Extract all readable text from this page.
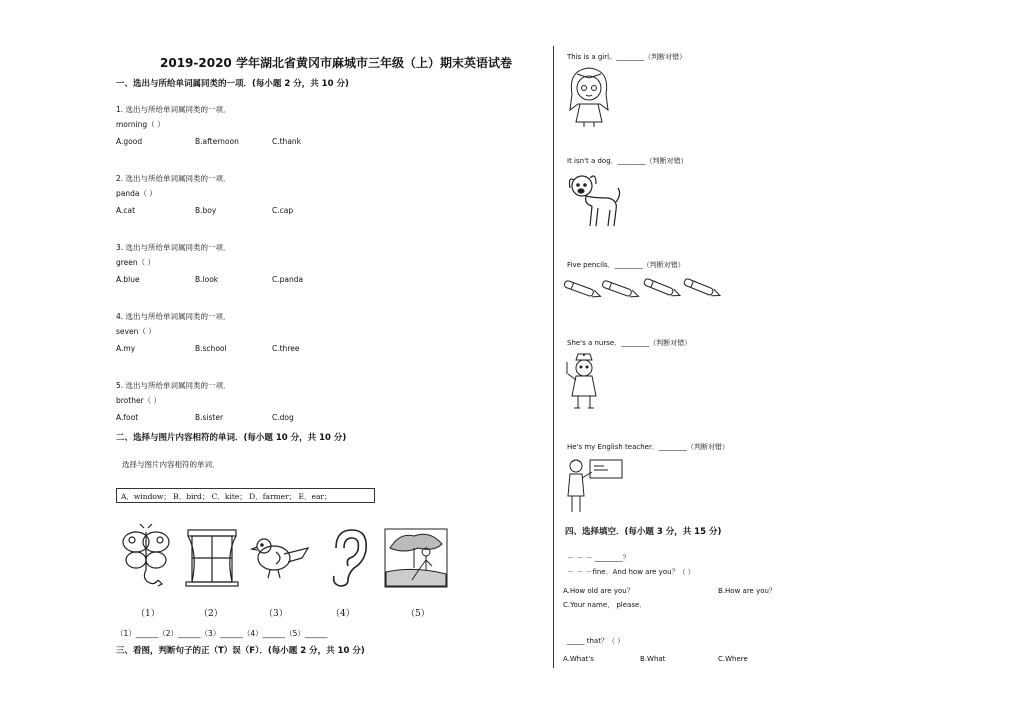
2019-2020 学年湖北省黄冈市麻城市三年级（上）期末英语试卷
一、选出与所给单词属同类的一项．(每小题 2 分，共 10 分)
1. 选出与所给单词属同类的一项．
morning（ ）
A.good	B.afternoon	C.thank
2. 选出与所给单词属同类的一项．
panda（ ）
A.cat	B.boy	C.cap
3. 选出与所给单词属同类的一项．
green（ ）
A.blue	B.look	C.panda
4. 选出与所给单词属同类的一项．
seven（ ）
A.my	B.school	C.three
5. 选出与所给单词属同类的一项．
brother（ ）
A.foot	B.sister	C.dog
二、选择与图片内容相符的单词．(每小题 10 分，共 10 分)
选择与图片内容相符的单词．
A．window； B．bird； C．kite； D．farmer； E．ear；
（1）	（2）	（3）	（4）	（5）
（1）______（2）______（3）______（4）______（5）______
三、看图，判断句子的正（T）误（F）．(每小题 2 分，共 10 分)
This is a girl。________（判断对错）
It isn't a dog．________（判断对错）
Five pencils．________（判断对错）
She's a nurse．________（判断对错）
He's my English teacher．________（判断对错）
四、选择填空．(每小题 3 分，共 15 分)
－ － － ________？
－ － －fine．And how are you？（ ）
A.How old are you？	B.How are you？
C.Your name， please．
_____ that？（ ）
A.What's	B.What	C.Where
